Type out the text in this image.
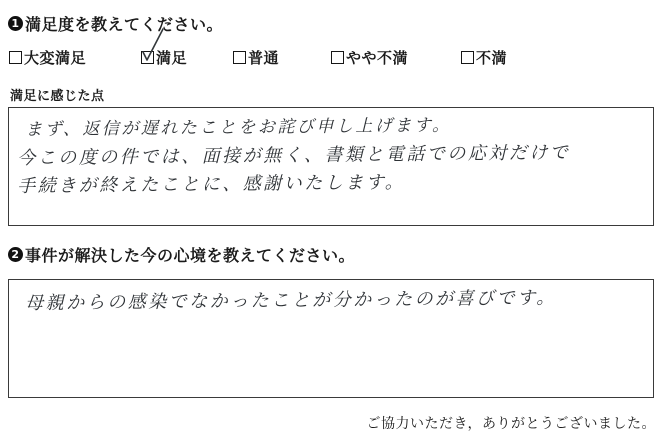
1 満足度を教えてください。
大変満足	満足	普通	やや不満	不満
満足に感じた点
まず、返信が遅れたことをお詫び申し上げます。
今この度の件では、面接が無く、書類と電話での応対だけで
手続きが終えたことに、感謝いたします。
2 事件が解決した今の心境を教えてください。
母親からの感染でなかったことが分かったのが喜びです。
ご協力いただき，ありがとうございました。
